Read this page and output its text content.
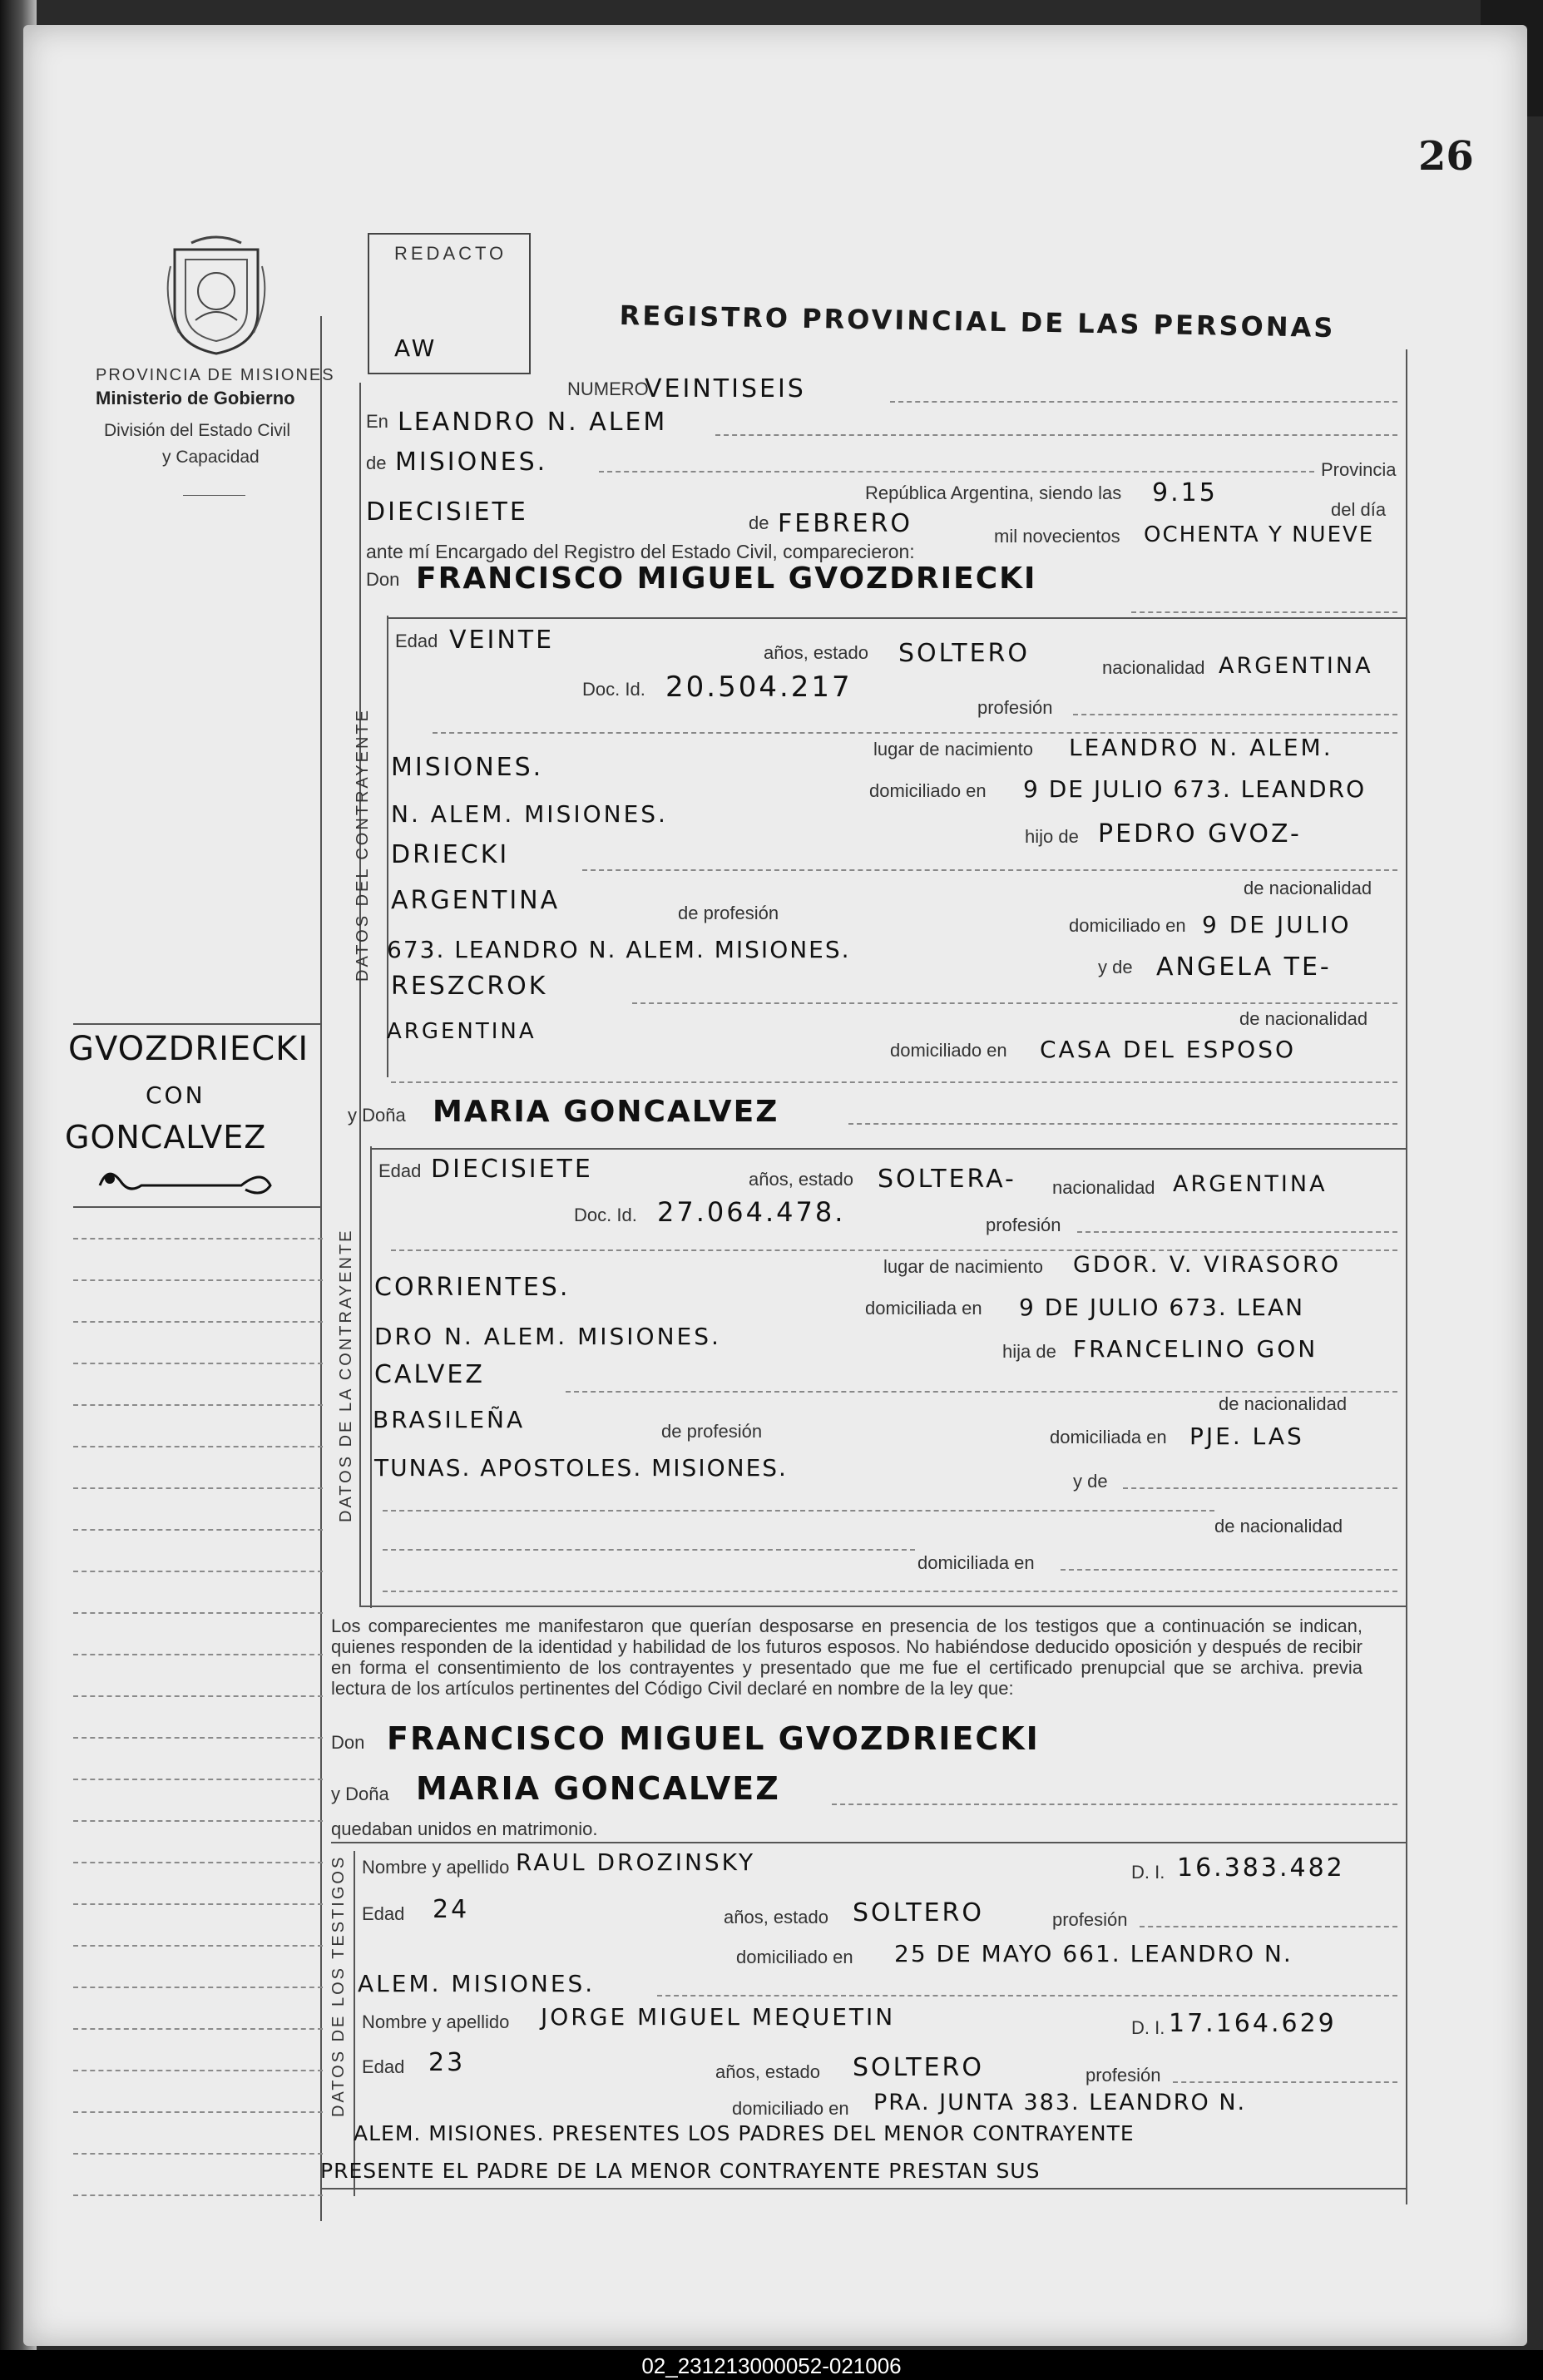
26
PROVINCIA DE MISIONES
Ministerio de Gobierno
División del Estado Civil
y Capacidad
REDACTO
AW
REGISTRO PROVINCIAL DE LAS PERSONAS
GVOZDRIECKI
CON
GONCALVEZ
NUMERO
VEINTISEIS
En LEANDRO N. ALEM
de MISIONES.	Provincia
República Argentina, siendo las 9.15
del día
DIECISIETE	de FEBRERO	mil novecientos OCHENTA Y NUEVE
ante mí Encargado del Registro del Estado Civil, comparecieron:
Don FRANCISCO MIGUEL GVOZDRIECKI
DATOS DEL CONTRAYENTE
Edad VEINTE	años, estado SOLTERO	nacionalidad ARGENTINA
Doc. Id. 20.504.217
profesión
lugar de nacimiento LEANDRO N. ALEM.
MISIONES.
domiciliado en 9 DE JULIO 673. LEANDRO
N. ALEM. MISIONES.
hijo de PEDRO GVOZ-
DRIECKI
de nacionalidad
ARGENTINA	de profesión
domiciliado en 9 DE JULIO
673. LEANDRO N. ALEM. MISIONES.
y de ANGELA TE-
RESZCROK
de nacionalidad
ARGENTINA
domiciliado en CASA DEL ESPOSO
y Doña MARIA GONCALVEZ
DATOS DE LA CONTRAYENTE
Edad DIECISIETE	años, estado SOLTERA- nacionalidad ARGENTINA
Doc. Id. 27.064.478.	profesión
lugar de nacimiento GDOR. V. VIRASORO
CORRIENTES.
domiciliada en 9 DE JULIO 673. LEAN
DRO N. ALEM. MISIONES.
hija de FRANCELINO GON
CALVEZ
de nacionalidad
BRASILEÑA	de profesión	domiciliada en PJE. LAS
TUNAS. APOSTOLES. MISIONES.	y de
de nacionalidad
domiciliada en
Los comparecientes me manifestaron que querían desposarse en presencia de los testigos que a continuación se indican, quienes responden de la identidad y habilidad de los futuros esposos. No habiéndose deducido oposición y después de recibir en forma el consentimiento de los contrayentes y presentado que me fue el certificado prenupcial que se archiva. previa lectura de los artículos pertinentes del Código Civil declaré en nombre de la ley que:
Don FRANCISCO MIGUEL GVOZDRIECKI
y Doña MARIA GONCALVEZ
quedaban unidos en matrimonio.
DATOS DE LOS TESTIGOS Nombre y apellido RAUL DROZINSKY	D. I. 16.383.482
Edad 24	años, estado SOLTERO	profesión
domiciliado en 25 DE MAYO 661. LEANDRO N.
ALEM. MISIONES.
Nombre y apellido JORGE MIGUEL MEQUETIN	D. I. 17.164.629
Edad 23	años, estado SOLTERO	profesión
domiciliado en PRA. JUNTA 383. LEANDRO N.
ALEM. MISIONES. PRESENTES LOS PADRES DEL MENOR CONTRAYENTE
PRESENTE EL PADRE DE LA MENOR CONTRAYENTE PRESTAN SUS
02_231213000052-021006
